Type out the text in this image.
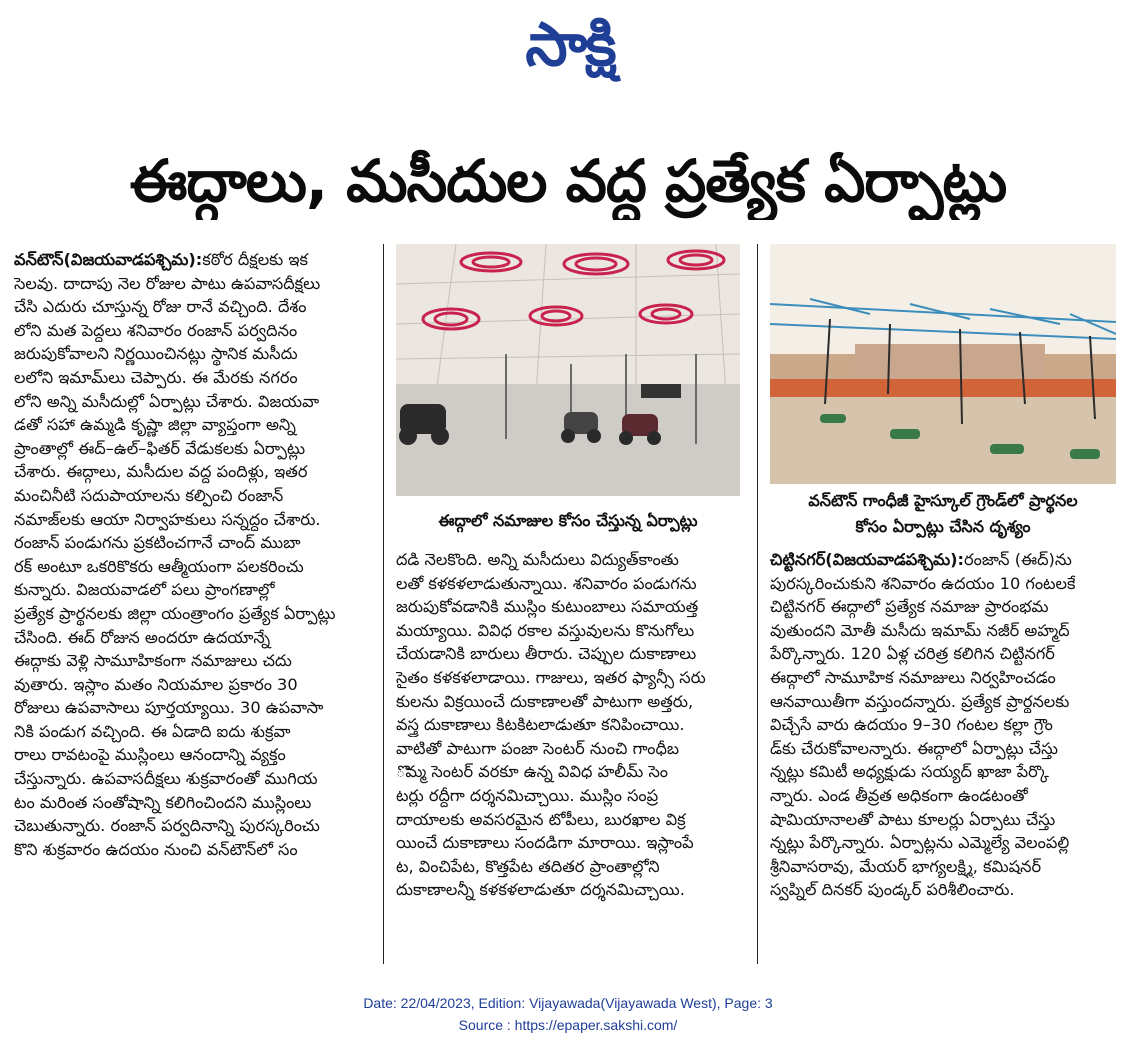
సాక్షి
ఈద్గాలు, మసీదుల వద్ద ప్రత్యేక ఏర్పాట్లు
వన్‌టౌన్‌(విజయవాడపశ్చిమ):కఠోర దీక్షలకు ఇక
సెలవు. దాదాపు నెల రోజుల పాటు ఉపవాసదీక్షలు
చేసి ఎదురు చూస్తున్న రోజు రానే వచ్చింది. దేశం
లోని మత పెద్దలు శనివారం రంజాన్ పర్వదినం
జరుపుకోవాలని నిర్ణయించినట్లు స్థానిక మసీదు
లలోని ఇమామ్‌లు చెప్పారు. ఈ మేరకు నగరం
లోని అన్ని మసీదుల్లో ఏర్పాట్లు చేశారు. విజయవా
డతో సహా ఉమ్మడి కృష్ణా జిల్లా వ్యాప్తంగా అన్ని
ప్రాంతాల్లో ఈద్‌–ఉల్‌–ఫితర్ వేడుకలకు ఏర్పాట్లు
చేశారు. ఈద్గాలు, మసీదుల వద్ద పందిళ్లు, ఇతర
మంచినీటి సదుపాయాలను కల్పించి రంజాన్
నమాజ్‌లకు ఆయా నిర్వాహకులు సన్నద్ధం చేశారు.
రంజాన్ పండుగను ప్రకటించగానే చాంద్ ముబా
రక్ అంటూ ఒకరికొకరు ఆత్మీయంగా పలకరించు
కున్నారు. విజయవాడలో పలు ప్రాంగణాల్లో
ప్రత్యేక ప్రార్థనలకు జిల్లా యంత్రాంగం ప్రత్యేక ఏర్పాట్లు
చేసింది. ఈద్ రోజున అందరూ ఉదయాన్నే
ఈద్గాకు వెళ్లి సామూహికంగా నమాజులు చదు
వుతారు. ఇస్లాం మతం నియమాల ప్రకారం 30
రోజులు ఉపవాసాలు పూర్తయ్యాయి. 30 ఉపవాసా
నికి పండుగ వచ్చింది. ఈ ఏడాది ఐదు శుక్రవా
రాలు రావటంపై ముస్లింలు ఆనందాన్ని వ్యక్తం
చేస్తున్నారు. ఉపవాసదీక్షలు శుక్రవారంతో ముగియ
టం మరింత సంతోషాన్ని కలిగించిందని ముస్లింలు
చెబుతున్నారు. రంజాన్ పర్వదినాన్ని పురస్కరించు
కొని శుక్రవారం ఉదయం నుంచి వన్‌టౌన్‌లో సం
ఈద్గాలో నమాజుల కోసం చేస్తున్న ఏర్పాట్లు
వన్‌టౌన్ గాంధీజీ హైస్కూల్ గ్రౌండ్‌లో ప్రార్థనల
కోసం ఏర్పాట్లు చేసిన దృశ్యం
దడి నెలకొంది. అన్ని మసీదులు విద్యుత్‌కాంతు
లతో కళకళలాడుతున్నాయి. శనివారం పండుగను
జరుపుకోవడానికి ముస్లిం కుటుంబాలు సమాయత్త
మయ్యాయి. వివిధ రకాల వస్తువులను కొనుగోలు
చేయడానికి బారులు తీరారు. చెప్పుల దుకాణాలు
సైతం కళకళలాడాయి. గాజులు, ఇతర ఫ్యాన్సీ సరు
కులను విక్రయించే దుకాణాలతో పాటుగా అత్తరు,
వస్త్ర దుకాణాలు కిటకిటలాడుతూ కనిపించాయి.
వాటితో పాటుగా పంజా సెంటర్ నుంచి గాంధీబ
ొమ్మ సెంటర్ వరకూ ఉన్న వివిధ హలీమ్ సెం
టర్లు రద్దీగా దర్శనమిచ్చాయి. ముస్లిం సంప్ర
దాయాలకు అవసరమైన టోపీలు, బురఖాల విక్ర
యించే దుకాణాలు సందడిగా మారాయి. ఇస్లాంపే
ట, వించిపేట, కొత్తపేట తదితర ప్రాంతాల్లోని
దుకాణాలన్నీ కళకళలాడుతూ దర్శనమిచ్చాయి.
చిట్టినగర్(విజయవాడపశ్చిమ):రంజాన్ (ఈద్)ను
పురస్కరించుకుని శనివారం ఉదయం 10 గంటలకే
చిట్టినగర్ ఈద్గాలో ప్రత్యేక నమాజు ప్రారంభమ
వుతుందని మోతీ మసీదు ఇమామ్ నజీర్ అహ్మద్
పేర్కొన్నారు. 120 ఏళ్ల చరిత్ర కలిగిన చిట్టినగర్
ఈద్గాలో సామూహిక నమాజులు నిర్వహించడం
ఆనవాయితీగా వస్తుందన్నారు. ప్రత్యేక ప్రార్థనలకు
విచ్చేసే వారు ఉదయం 9–30 గంటల కల్లా గ్రౌం
డ్‌కు చేరుకోవాలన్నారు. ఈద్గాలో ఏర్పాట్లు చేస్తు
న్నట్లు కమిటీ అధ్యక్షుడు సయ్యద్ ఖాజా పేర్కొ
న్నారు. ఎండ తీవ్రత అధికంగా ఉండటంతో
షామియానాలతో పాటు కూలర్లు ఏర్పాటు చేస్తు
న్నట్లు పేర్కొన్నారు. ఏర్పాట్లను ఎమ్మెల్యే వెలంపల్లి
శ్రీనివాసరావు, మేయర్ భాగ్యలక్ష్మి, కమిషనర్
స్వప్నిల్ దినకర్ పుండ్కర్ పరిశీలించారు.
Date: 22/04/2023, Edition: Vijayawada(Vijayawada West), Page: 3
Source : https://epaper.sakshi.com/
